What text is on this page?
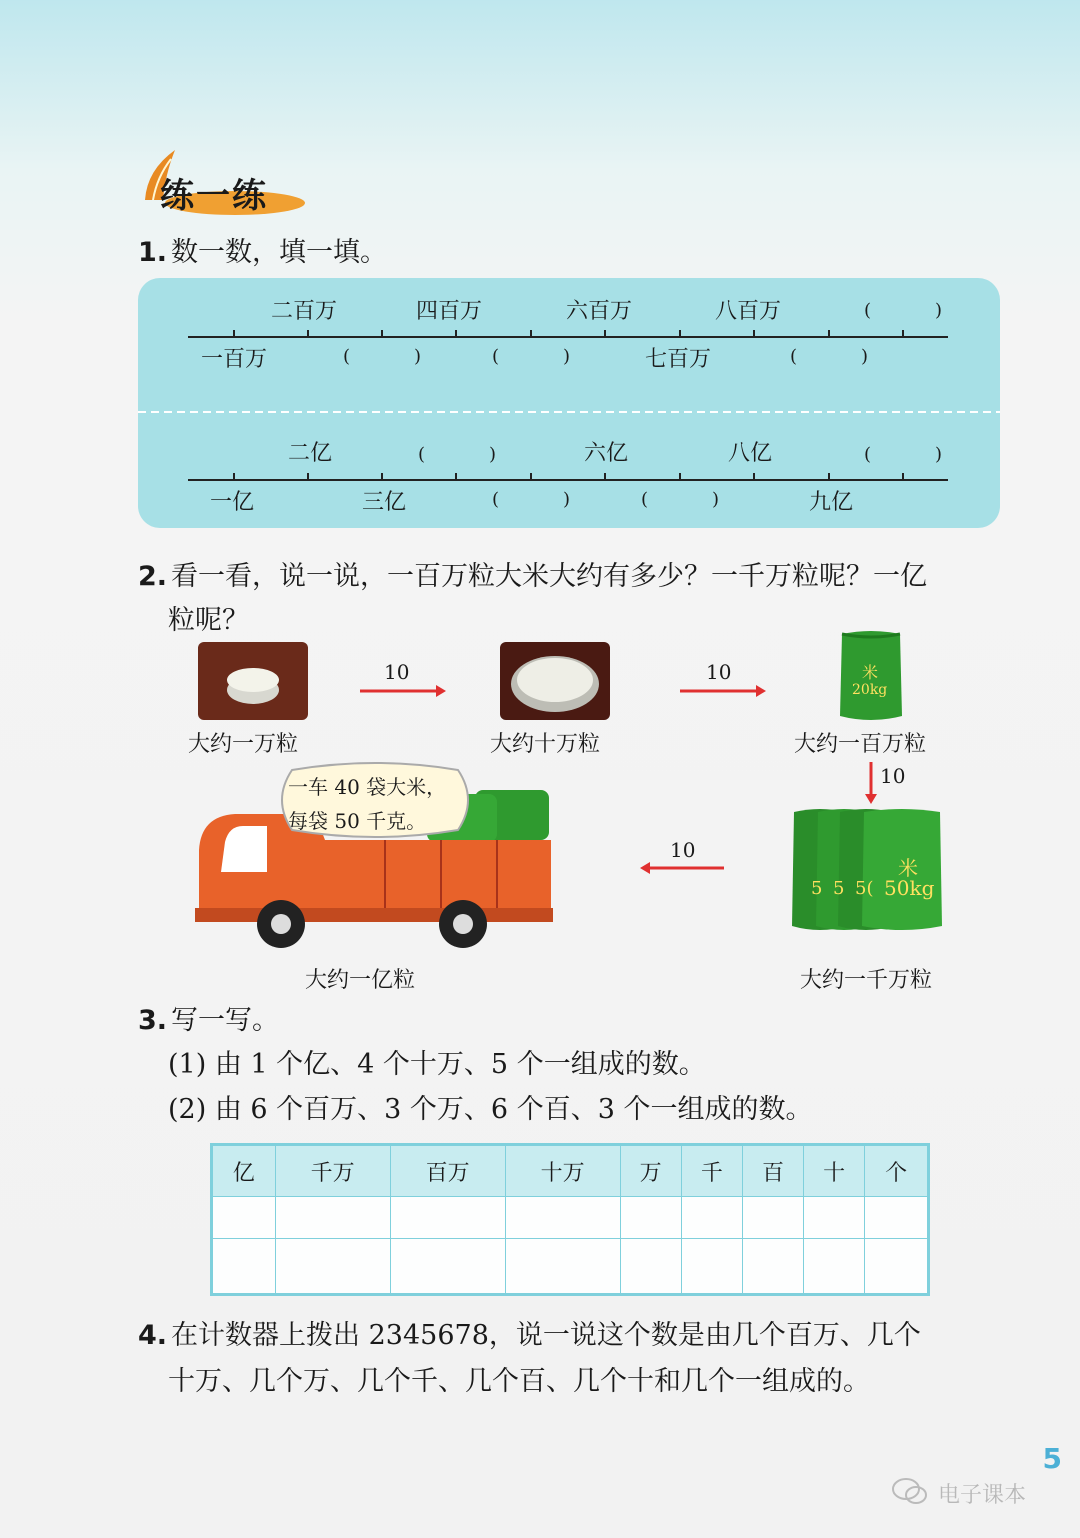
练一练
1. 数一数，填一填。
二百万	四百万	六百万	八百万	(	)
一百万	(	)	(	)	七百万	(	)
二亿	(	)	六亿	八亿	(	)
一亿	三亿	(	)	(	)	九亿
2. 看一看，说一说，一百万粒大米大约有多少？一千万粒呢？一亿
粒呢？
大约一万粒
10
大约十万粒
10	米
20kg
大约一百万粒
10
5 5 5(
米
50kg
大约一千万粒
10
一车 40 袋大米，
每袋 50 千克。
大约一亿粒
3. 写一写。
(1) 由 1 个亿、4 个十万、5 个一组成的数。
(2) 由 6 个百万、3 个万、6 个百、3 个一组成的数。
亿	千万	百万	十万	万	千	百	十	个

4. 在计数器上拨出 2345678，说一说这个数是由几个百万、几个
十万、几个万、几个千、几个百、几个十和几个一组成的。
5
电子课本
